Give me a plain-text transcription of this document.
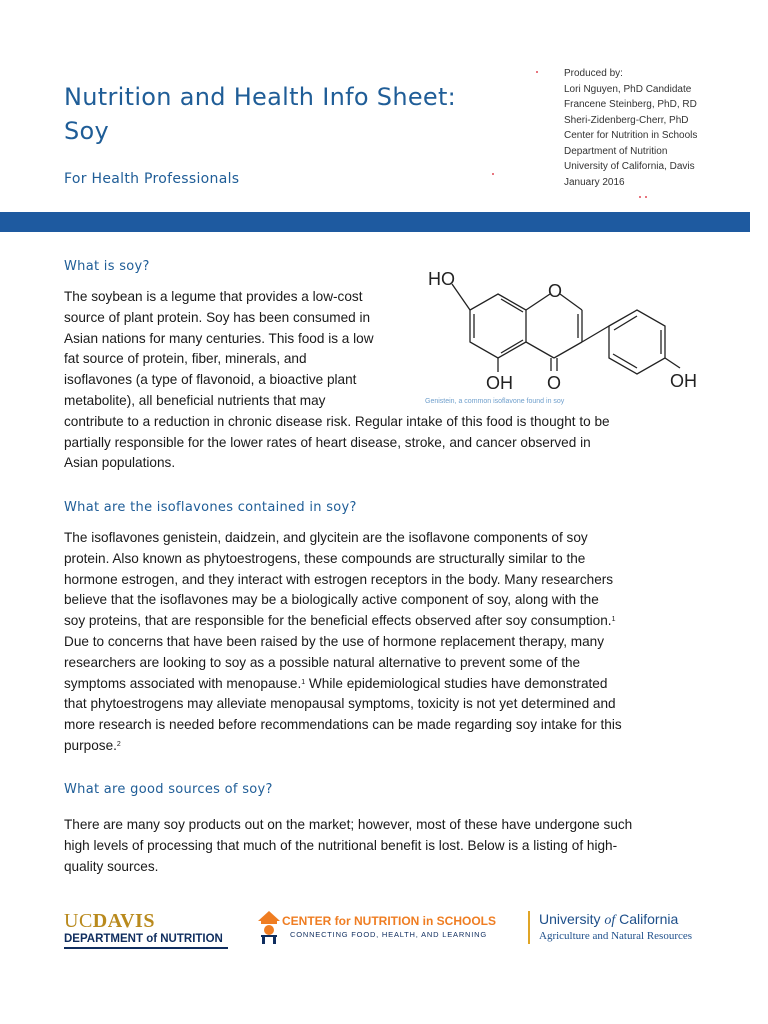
Nutrition and Health Info Sheet:
Soy
For Health Professionals
Produced by:
Lori Nguyen, PhD Candidate
Francene Steinberg, PhD, RD
Sheri-Zidenberg-Cherr, PhD
Center for Nutrition in Schools
Department of Nutrition
University of California, Davis
January 2016
What is soy?
The soybean is a legume that provides a low-cost
source of plant protein. Soy has been consumed in
Asian nations for many centuries. This food is a low
fat source of protein, fiber, minerals, and
isoflavones (a type of flavonoid, a bioactive plant
metabolite), all beneficial nutrients that may
contribute to a reduction in chronic disease risk. Regular intake of this food is thought to be
partially responsible for the lower rates of heart disease, stroke, and cancer observed in
Asian populations.
HO
O
OH O	OH
Genistein, a common isoflavone found in soy
What are the isoflavones contained in soy?
The isoflavones genistein, daidzein, and glycitein are the isoflavone components of soy
protein. Also known as phytoestrogens, these compounds are structurally similar to the
hormone estrogen, and they interact with estrogen receptors in the body. Many researchers
believe that the isoflavones may be a biologically active component of soy, along with the
soy proteins, that are responsible for the beneficial effects observed after soy consumption.$^1$
Due to concerns that have been raised by the use of hormone replacement therapy, many
researchers are looking to soy as a possible natural alternative to prevent some of the
symptoms associated with menopause.$^1$ While epidemiological studies have demonstrated
that phytoestrogens may alleviate menopausal symptoms, toxicity is not yet determined and
more research is needed before recommendations can be made regarding soy intake for this
purpose.$^2$
What are good sources of soy?
There are many soy products out on the market; however, most of these have undergone such
high levels of processing that much of the nutritional benefit is lost. Below is a listing of high-
quality sources.
UCDAVIS
DEPARTMENT of NUTRITION
CENTER for NUTRITION in SCHOOLS
CONNECTING FOOD, HEALTH, AND LEARNING
University of California
Agriculture and Natural Resources
